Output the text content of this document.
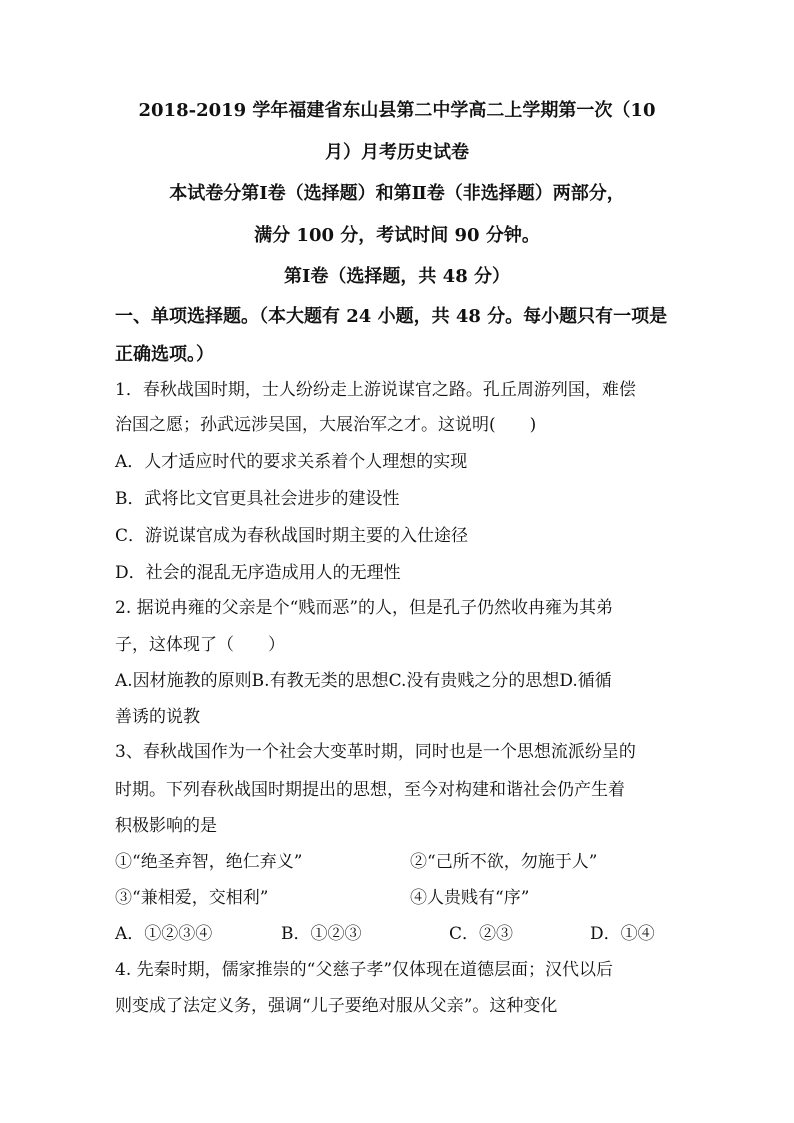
2018-2019 学年福建省东山县第二中学高二上学期第一次（10
月）月考历史试卷
本试卷分第Ⅰ卷（选择题）和第Ⅱ卷（非选择题）两部分，
满分 100 分，考试时间 90 分钟。
第Ⅰ卷（选择题，共 48 分）
一、单项选择题。（本大题有 24 小题，共 48 分。每小题只有一项是
正确选项。）
1．春秋战国时期，士人纷纷走上游说谋官之路。孔丘周游列国，难偿
治国之愿；孙武远涉吴国，大展治军之才。这说明(　　)
A．人才适应时代的要求关系着个人理想的实现
B．武将比文官更具社会进步的建设性
C．游说谋官成为春秋战国时期主要的入仕途径
D．社会的混乱无序造成用人的无理性
2. 据说冉雍的父亲是个“贱而恶”的人，但是孔子仍然收冉雍为其弟
子，这体现了（　　）
A.因材施教的原则B.有教无类的思想C.没有贵贱之分的思想D.循循
善诱的说教
3、春秋战国作为一个社会大变革时期，同时也是一个思想流派纷呈的
时期。下列春秋战国时期提出的思想，至今对构建和谐社会仍产生着
积极影响的是
①“绝圣弃智，绝仁弃义”	②“己所不欲，勿施于人”
③“兼相爱，交相利”	④人贵贱有“序”
A．①②③④	B．①②③	C．②③	D．①④
4. 先秦时期，儒家推崇的“父慈子孝”仅体现在道德层面；汉代以后
则变成了法定义务，强调“儿子要绝对服从父亲”。这种变化
